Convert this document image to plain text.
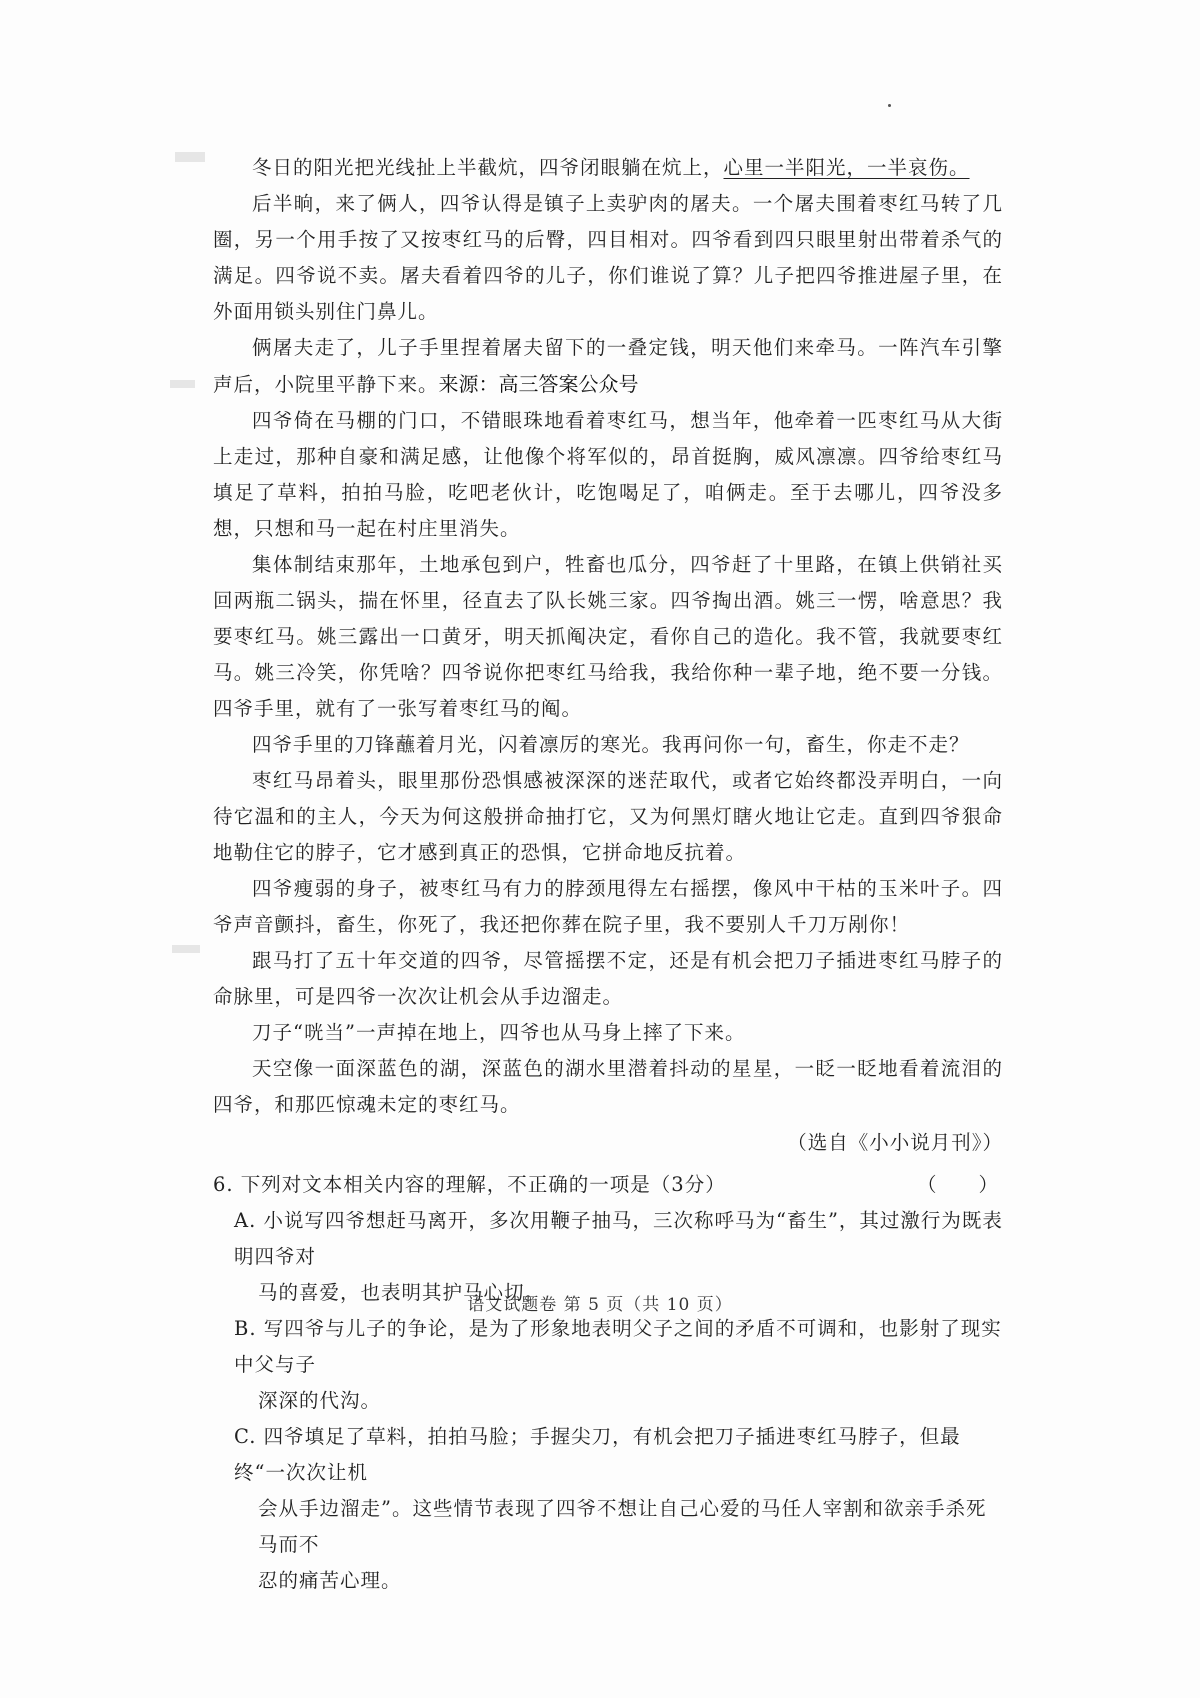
冬日的阳光把光线扯上半截炕，四爷闭眼躺在炕上，心里一半阳光，一半哀伤。

后半晌，来了俩人，四爷认得是镇子上卖驴肉的屠夫。一个屠夫围着枣红马转了几圈，另一个用手按了又按枣红马的后臀，四目相对。四爷看到四只眼里射出带着杀气的满足。四爷说不卖。屠夫看着四爷的儿子，你们谁说了算？儿子把四爷推进屋子里，在外面用锁头别住门鼻儿。

俩屠夫走了，儿子手里捏着屠夫留下的一叠定钱，明天他们来牵马。一阵汽车引擎声后，小院里平静下来。来源：高三答案公众号

四爷倚在马棚的门口，不错眼珠地看着枣红马，想当年，他牵着一匹枣红马从大街上走过，那种自豪和满足感，让他像个将军似的，昂首挺胸，威风凛凛。四爷给枣红马填足了草料，拍拍马脸，吃吧老伙计，吃饱喝足了，咱俩走。至于去哪儿，四爷没多想，只想和马一起在村庄里消失。

集体制结束那年，土地承包到户，牲畜也瓜分，四爷赶了十里路，在镇上供销社买回两瓶二锅头，揣在怀里，径直去了队长姚三家。四爷掏出酒。姚三一愣，啥意思？我要枣红马。姚三露出一口黄牙，明天抓阄决定，看你自己的造化。我不管，我就要枣红马。姚三冷笑，你凭啥？四爷说你把枣红马给我，我给你种一辈子地，绝不要一分钱。四爷手里，就有了一张写着枣红马的阄。

四爷手里的刀锋蘸着月光，闪着凛厉的寒光。我再问你一句，畜生，你走不走？

枣红马昂着头，眼里那份恐惧感被深深的迷茫取代，或者它始终都没弄明白，一向待它温和的主人，今天为何这般拼命抽打它，又为何黑灯瞎火地让它走。直到四爷狠命地勒住它的脖子，它才感到真正的恐惧，它拼命地反抗着。

四爷瘦弱的身子，被枣红马有力的脖颈甩得左右摇摆，像风中干枯的玉米叶子。四爷声音颤抖，畜生，你死了，我还把你葬在院子里，我不要别人千刀万剐你！

跟马打了五十年交道的四爷，尽管摇摆不定，还是有机会把刀子插进枣红马脖子的命脉里，可是四爷一次次让机会从手边溜走。

刀子“咣当”一声掉在地上，四爷也从马身上摔了下来。

天空像一面深蓝色的湖，深蓝色的湖水里潜着抖动的星星，一眨一眨地看着流泪的四爷，和那匹惊魂未定的枣红马。

（选自《小小说月刊》）
6. 下列对文本相关内容的理解，不正确的一项是（3分）	（　　）
A. 小说写四爷想赶马离开，多次用鞭子抽马，三次称呼马为“畜生”，其过激行为既表明四爷对
马的喜爱，也表明其护马心切。
B. 写四爷与儿子的争论，是为了形象地表明父子之间的矛盾不可调和，也影射了现实中父与子
深深的代沟。
C. 四爷填足了草料，拍拍马脸；手握尖刀，有机会把刀子插进枣红马脖子，但最终“一次次让机
会从手边溜走”。这些情节表现了四爷不想让自己心爱的马任人宰割和欲亲手杀死马而不
忍的痛苦心理。
语文试题卷 第 5 页（共 10 页）
